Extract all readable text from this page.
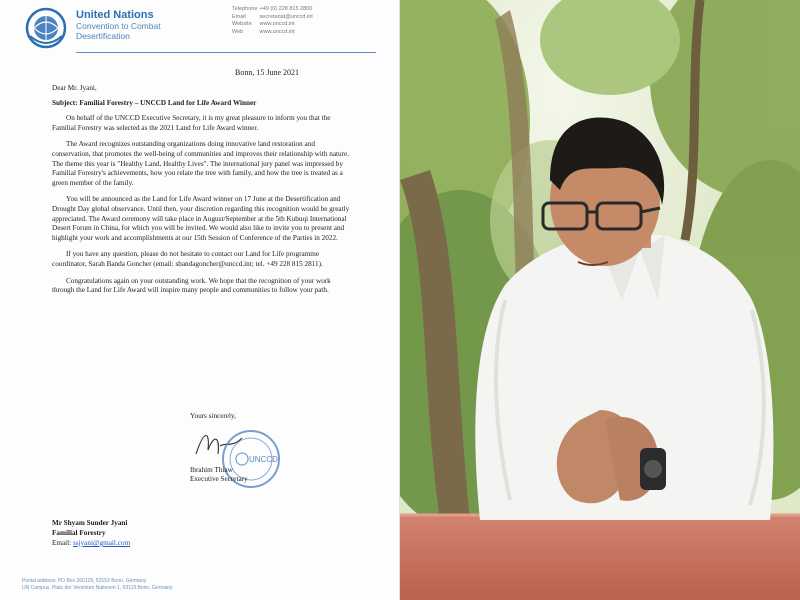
United Nations
Convention to Combat
Desertification
Telephone +49 (0) 228 815 2800
Email	secretariat@unccd.int
Website www.unccd.int
Web	www.unccd.int
Bonn, 15 June 2021

Dear Mr. Jyani,

Subject: Familial Forestry – UNCCD Land for Life Award Winner

On behalf of the UNCCD Executive Secretary, it is my great pleasure to inform you that the Familial Forestry was selected as the 2021 Land for Life Award winner.

The Award recognizes outstanding organizations doing innovative land restoration and conservation, that promotes the well-being of communities and improves their relationship with nature. The theme this year is "Healthy Land, Healthy Lives". The international jury panel was impressed by Familial Forestry's achievements, how you relate the tree with family, and how the tree is treated as a green member of the family.

You will be announced as the Land for Life Award winner on 17 June at the Desertification and Drought Day global observance. Until then, your discretion regarding this recognition would be greatly appreciated. The Award ceremony will take place in August/September at the 5th Kubuqi International Desert Forum in China, for which you will be invited. We would also like to invite you to present and highlight your work and accomplishments at our 15th Session of Conference of the Parties in 2022.

If you have any question, please do not hesitate to contact our Land for Life programme coordinator, Sarah Banda Goncher (email: sbandagoncher@unccd.int; tel. +49 228 815 2811).

Congratulations again on your outstanding work. We hope that the recognition of your work through the Land for Life Award will inspire many people and communities to follow your path.

Yours sincerely,
UNCCD
Ibrahim Thiaw
Executive Secretary
Mr Shyam Sunder Jyani
Familial Forestry
Email: ssjyani@gmail.com
Postal address: PO Box 260129, 53153 Bonn, Germany
UN Campus, Platz der Vereinten Nationen 1, 53113 Bonn, Germany
